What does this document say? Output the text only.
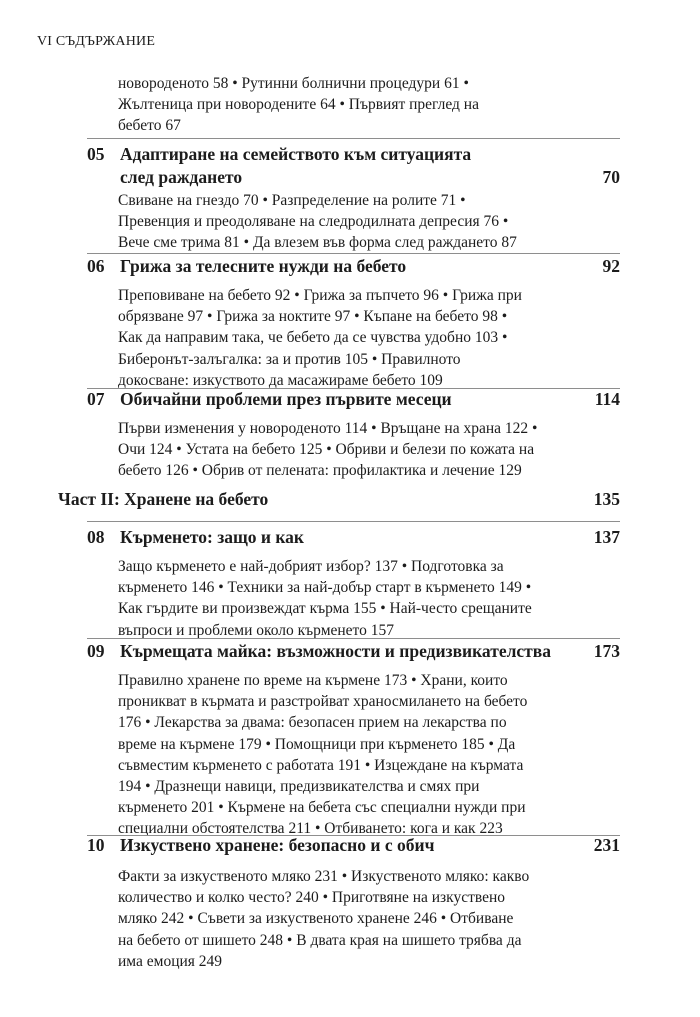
VI СЪДЪРЖАНИЕ
новороденото 58 • Рутинни болнични процедури 61 •
Жълтеница при новородените 64 • Първият преглед на
бебето 67
05 Адаптиране на семейството към ситуацията
след раждането	70
Свиване на гнездо 70 • Разпределение на ролите 71 •
Превенция и преодоляване на следродилната депресия 76 •
Вече сме трима 81 • Да влезем във форма след раждането 87
06 Грижа за телесните нужди на бебето	92
Преповиване на бебето 92 • Грижа за пъпчето 96 • Грижа при
обрязване 97 • Грижа за ноктите 97 • Къпане на бебето 98 •
Как да направим така, че бебето да се чувства удобно 103 •
Биберонът-залъгалка: за и против 105 • Правилното
докосване: изкуството да масажираме бебето 109
07 Обичайни проблеми през първите месеци	114
Първи изменения у новороденото 114 • Връщане на храна 122 •
Очи 124 • Устата на бебето 125 • Обриви и белези по кожата на
бебето 126 • Обрив от пелената: профилактика и лечение 129
Част II: Хранене на бебето	135
08 Кърменето: защо и как	137
Защо кърменето е най-добрият избор? 137 • Подготовка за
кърменето 146 • Техники за най-добър старт в кърменето 149 •
Как гърдите ви произвеждат кърма 155 • Най-често срещаните
въпроси и проблеми около кърменето 157
09 Кърмещата майка: възможности и предизвикателства	173
Правилно хранене по време на кърмене 173 • Храни, които
проникват в кърмата и разстройват храносмилането на бебето
176 • Лекарства за двама: безопасен прием на лекарства по
време на кърмене 179 • Помощници при кърменето 185 • Да
съвместим кърменето с работата 191 • Изцеждане на кърмата
194 • Дразнещи навици, предизвикателства и смях при
кърменето 201 • Кърмене на бебета със специални нужди при
специални обстоятелства 211 • Отбиването: кога и как 223
10 Изкуствено хранене: безопасно и с обич	231
Факти за изкуственото мляко 231 • Изкуственото мляко: какво
количество и колко често? 240 • Приготвяне на изкуствено
мляко 242 • Съвети за изкуственото хранене 246 • Отбиване
на бебето от шишето 248 • В двата края на шишето трябва да
има емоция 249
